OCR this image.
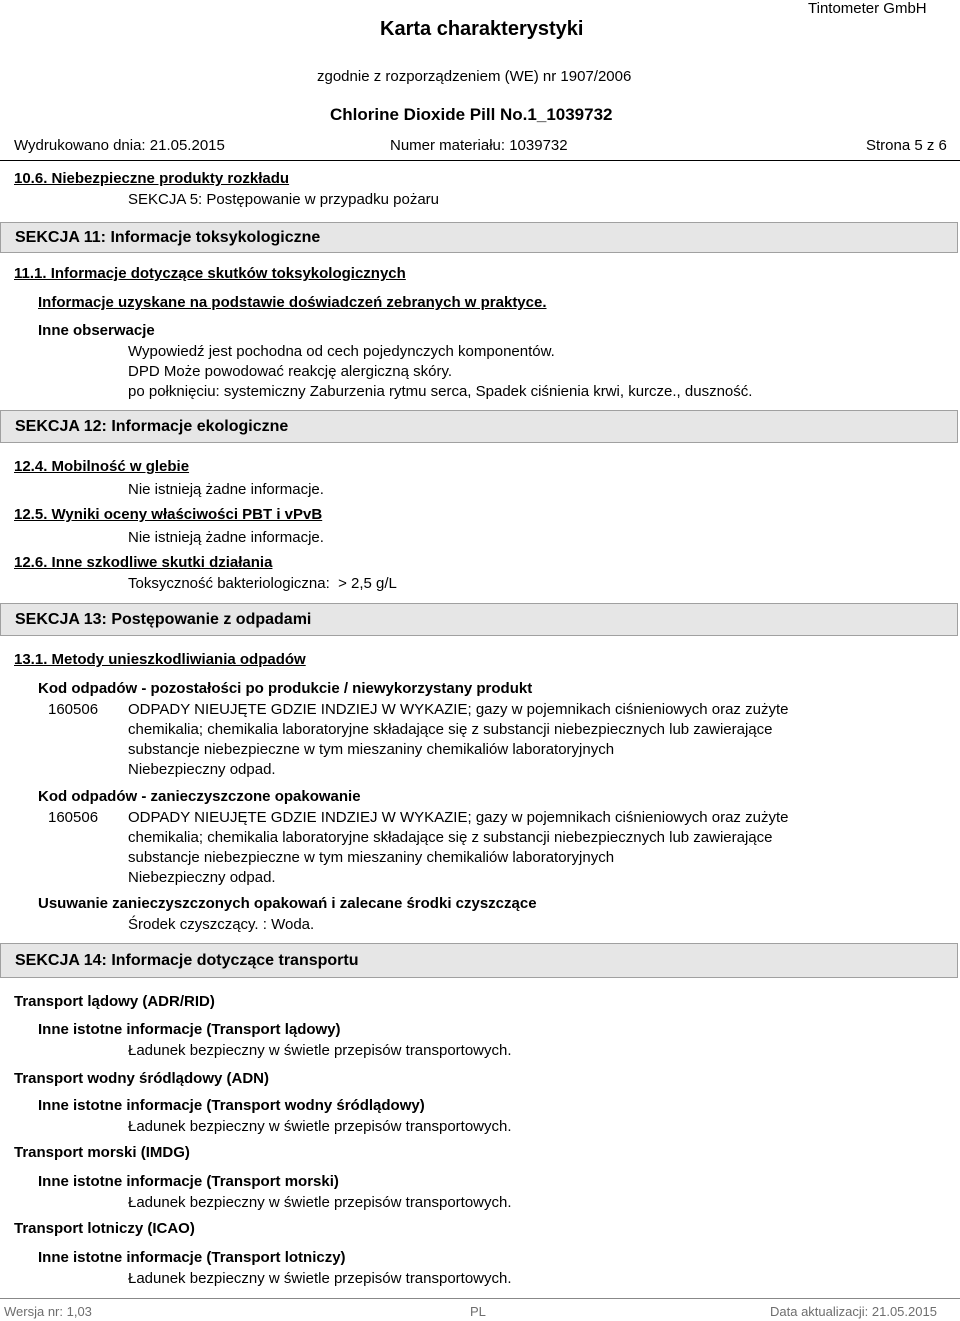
Tintometer GmbH
Karta charakterystyki
zgodnie z rozporządzeniem (WE) nr 1907/2006
Chlorine Dioxide Pill No.1_1039732
Wydrukowano dnia: 21.05.2015	Numer materiału: 1039732	Strona 5 z 6
10.6. Niebezpieczne produkty rozkładu
SEKCJA 5: Postępowanie w przypadku pożaru
SEKCJA 11: Informacje toksykologiczne
11.1. Informacje dotyczące skutków toksykologicznych
Informacje uzyskane na podstawie doświadczeń zebranych w praktyce.
Inne obserwacje
Wypowiedź jest pochodna od cech pojedynczych komponentów.
DPD Może powodować reakcję alergiczną skóry.
po połknięciu: systemiczny Zaburzenia rytmu serca, Spadek ciśnienia krwi, kurcze., duszność.
SEKCJA 12: Informacje ekologiczne
12.4. Mobilność w glebie
Nie istnieją żadne informacje.
12.5. Wyniki oceny właściwości PBT i vPvB
Nie istnieją żadne informacje.
12.6. Inne szkodliwe skutki działania
Toksyczność bakteriologiczna:  > 2,5 g/L
SEKCJA 13: Postępowanie z odpadami
13.1. Metody unieszkodliwiania odpadów
Kod odpadów - pozostałości po produkcie / niewykorzystany produkt
160506 ODPADY NIEUJĘTE GDZIE INDZIEJ W WYKAZIE; gazy w pojemnikach ciśnieniowych oraz zużyte
chemikalia; chemikalia laboratoryjne składające się z substancji niebezpiecznych lub zawierające
substancje niebezpieczne w tym mieszaniny chemikaliów laboratoryjnych
Niebezpieczny odpad.
Kod odpadów - zanieczyszczone opakowanie
160506 ODPADY NIEUJĘTE GDZIE INDZIEJ W WYKAZIE; gazy w pojemnikach ciśnieniowych oraz zużyte
chemikalia; chemikalia laboratoryjne składające się z substancji niebezpiecznych lub zawierające
substancje niebezpieczne w tym mieszaniny chemikaliów laboratoryjnych
Niebezpieczny odpad.
Usuwanie zanieczyszczonych opakowań i zalecane środki czyszczące
Środek czyszczący. : Woda.
SEKCJA 14: Informacje dotyczące transportu
Transport lądowy (ADR/RID)
Inne istotne informacje (Transport lądowy)
Ładunek bezpieczny w świetle przepisów transportowych.
Transport wodny śródlądowy (ADN)
Inne istotne informacje (Transport wodny śródlądowy)
Ładunek bezpieczny w świetle przepisów transportowych.
Transport morski (IMDG)
Inne istotne informacje (Transport morski)
Ładunek bezpieczny w świetle przepisów transportowych.
Transport lotniczy (ICAO)
Inne istotne informacje (Transport lotniczy)
Ładunek bezpieczny w świetle przepisów transportowych.
Wersja nr: 1,03	PL	Data aktualizacji: 21.05.2015
